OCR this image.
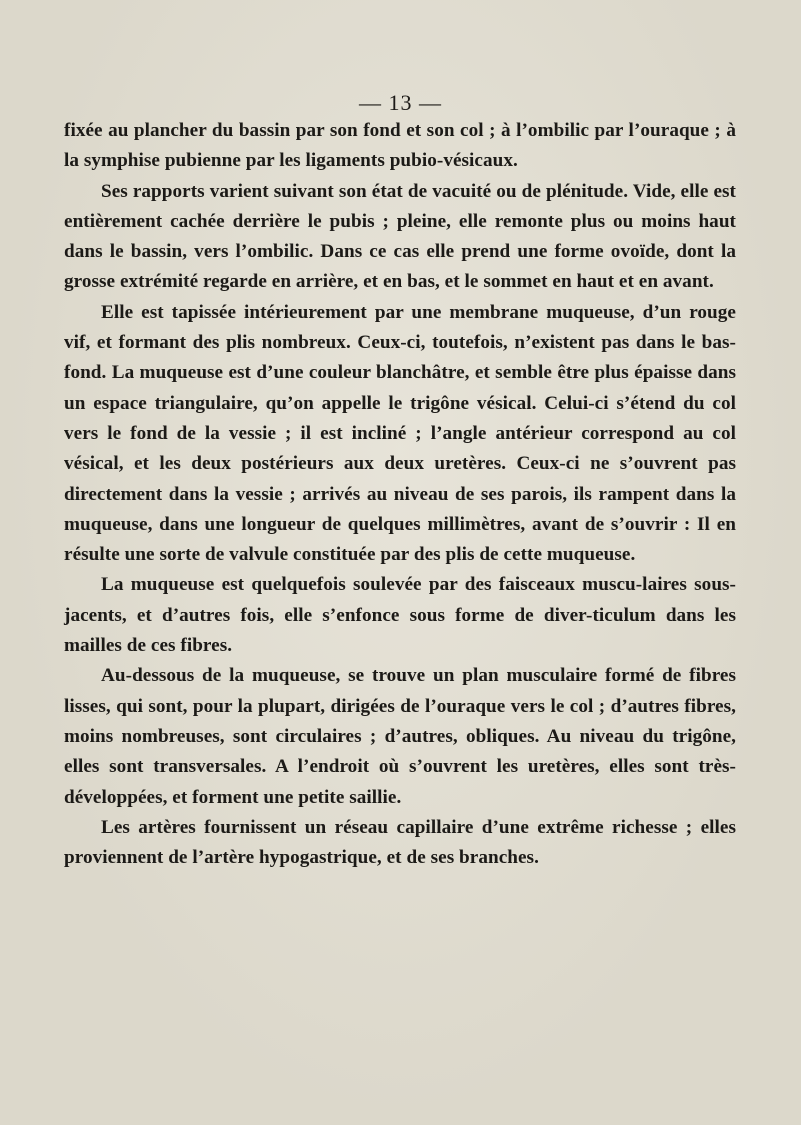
— 13 —

fixée au plancher du bassin par son fond et son col ; à l’ombilic par l’ouraque ; à la symphise pubienne par les ligaments pubio-vésicaux.

Ses rapports varient suivant son état de vacuité ou de plénitude. Vide, elle est entièrement cachée derrière le pubis ; pleine, elle remonte plus ou moins haut dans le bassin, vers l’ombilic. Dans ce cas elle prend une forme ovoïde, dont la grosse extrémité regarde en arrière, et en bas, et le sommet en haut et en avant.

Elle est tapissée intérieurement par une membrane muqueuse, d’un rouge vif, et formant des plis nombreux. Ceux-ci, toutefois, n’existent pas dans le bas-fond. La muqueuse est d’une couleur blanchâtre, et semble être plus épaisse dans un espace triangulaire, qu’on appelle le trigône vésical. Celui-ci s’étend du col vers le fond de la vessie ; il est incliné ; l’angle antérieur correspond au col vésical, et les deux postérieurs aux deux uretères. Ceux-ci ne s’ouvrent pas directement dans la vessie ; arrivés au niveau de ses parois, ils rampent dans la muqueuse, dans une longueur de quelques millimètres, avant de s’ouvrir : Il en résulte une sorte de valvule constituée par des plis de cette muqueuse.

La muqueuse est quelquefois soulevée par des faisceaux muscu-laires sous-jacents, et d’autres fois, elle s’enfonce sous forme de diver-ticulum dans les mailles de ces fibres.

Au-dessous de la muqueuse, se trouve un plan musculaire formé de fibres lisses, qui sont, pour la plupart, dirigées de l’ouraque vers le col ; d’autres fibres, moins nombreuses, sont circulaires ; d’autres, obliques. Au niveau du trigône, elles sont transversales. A l’endroit où s’ouvrent les uretères, elles sont très-développées, et forment une petite saillie.

Les artères fournissent un réseau capillaire d’une extrême richesse ; elles proviennent de l’artère hypogastrique, et de ses branches.
